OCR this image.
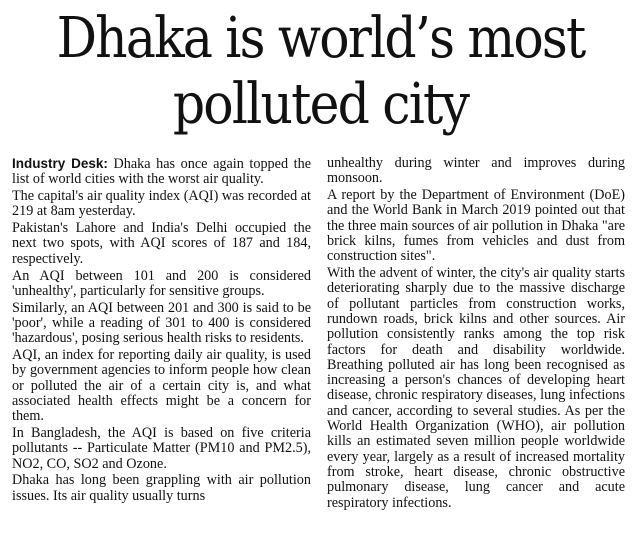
Dhaka is world’s most polluted city

Industry Desk: Dhaka has once again topped the list of world cities with the worst air quality.

The capital's air quality index (AQI) was recorded at 219 at 8am yesterday.

Pakistan's Lahore and India's Delhi occupied the next two spots, with AQI scores of 187 and 184, respectively.

An AQI between 101 and 200 is considered 'unhealthy', particularly for sensitive groups.

Similarly, an AQI between 201 and 300 is said to be 'poor', while a reading of 301 to 400 is considered 'hazardous', posing serious health risks to residents.

AQI, an index for reporting daily air quality, is used by government agencies to inform people how clean or polluted the air of a certain city is, and what associated health effects might be a concern for them.

In Bangladesh, the AQI is based on five criteria pollutants -- Particulate Matter (PM10 and PM2.5), NO2, CO, SO2 and Ozone.

Dhaka has long been grappling with air pollution issues. Its air quality usually turns

unhealthy during winter and improves during monsoon.

A report by the Department of Environment (DoE) and the World Bank in March 2019 pointed out that the three main sources of air pollution in Dhaka "are brick kilns, fumes from vehicles and dust from construction sites".

With the advent of winter, the city's air quality starts deteriorating sharply due to the massive discharge of pollutant particles from construction works, rundown roads, brick kilns and other sources. Air pollution consistently ranks among the top risk factors for death and disability worldwide. Breathing polluted air has long been recognised as increasing a person's chances of developing heart disease, chronic respiratory diseases, lung infections and cancer, according to several studies. As per the World Health Organization (WHO), air pollution kills an estimated seven million people worldwide every year, largely as a result of increased mortality from stroke, heart disease, chronic obstructive pulmonary disease, lung cancer and acute respiratory infections.
